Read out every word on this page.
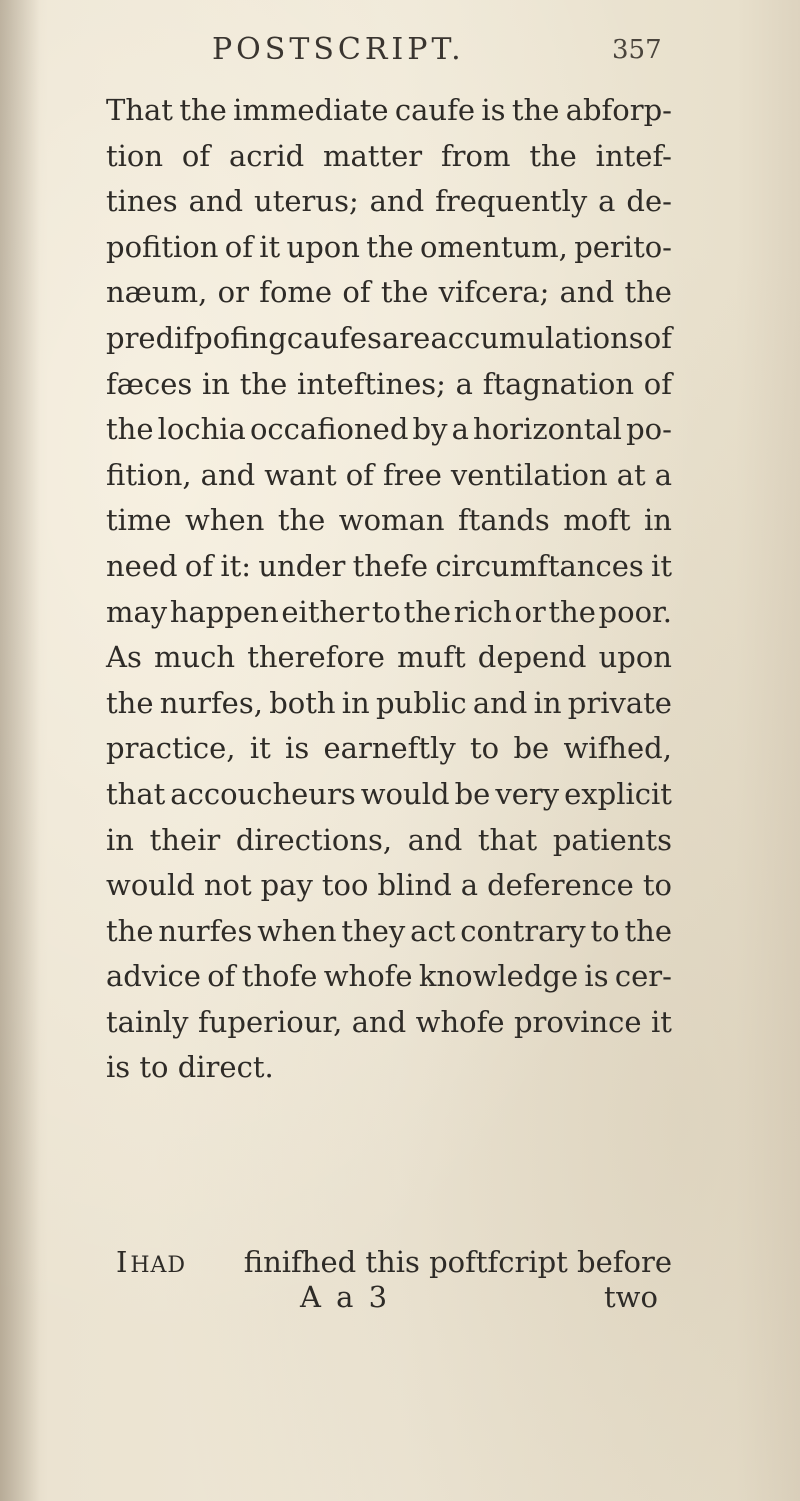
POSTSCRIPT.	357
That the immediate caufe is the abforp-
tion of acrid matter from the intef-
tines and uterus; and frequently a de-
pofition of it upon the omentum, perito-
næum, or fome of the vifcera; and the
predifpofing caufes are accumulations of
fæces in the inteftines; a ftagnation of
the lochia occafioned by a horizontal po-
fition, and want of free ventilation at a
time when the woman ftands moft in
need of it: under thefe circumftances it
may happen either to the rich or the poor.
As much therefore muft depend upon
the nurfes, both in public and in private
practice, it is earneftly to be wifhed,
that accoucheurs would be very explicit
in their directions, and that patients
would not pay too blind a deference to
the nurfes when they act contrary to the
advice of thofe whofe knowledge is cer-
tainly fuperiour, and whofe province it
is to direct.
I  HAD finifhed this poftfcript before
A a 3	two
